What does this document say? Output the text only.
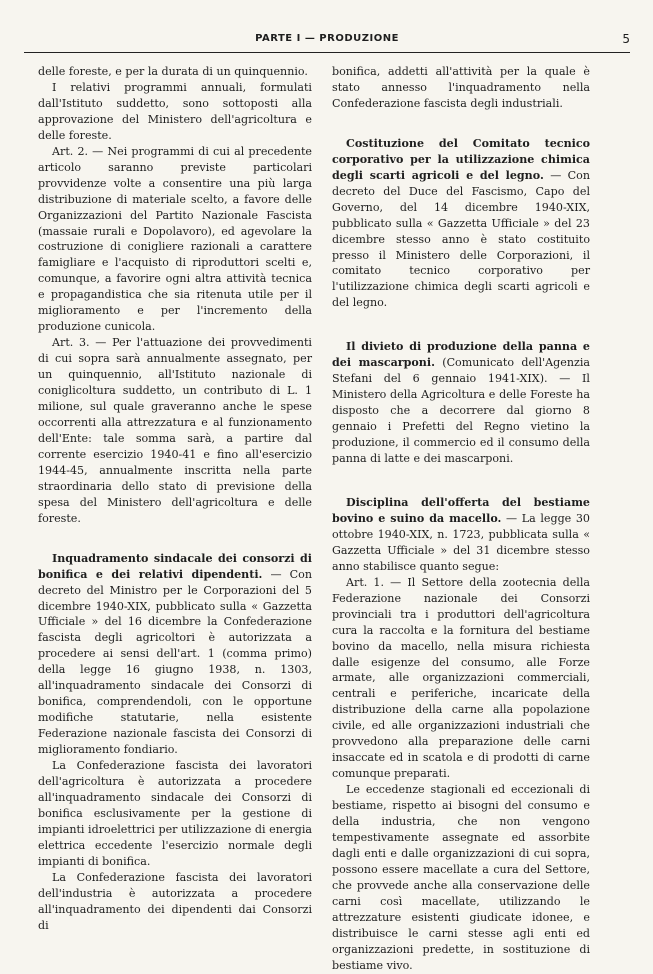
PARTE I — PRODUZIONE	5

delle foreste, e per la durata di un quinquennio.

I relativi programmi annuali, formulati dall'Istituto suddetto, sono sottoposti alla approvazione del Ministero dell'agricoltura e delle foreste.

Art. 2. — Nei programmi di cui al precedente articolo saranno previste particolari provvidenze volte a consentire una più larga distribuzione di materiale scelto, a favore delle Organizzazioni del Partito Nazionale Fascista (massaie rurali e Dopolavoro), ed agevolare la costruzione di conigliere razionali a carattere famigliare e l'acquisto di riproduttori scelti e, comunque, a favorire ogni altra attività tecnica e propagandistica che sia ritenuta utile per il miglioramento e per l'incremento della produzione cunicola.

Art. 3. — Per l'attuazione dei provvedimenti di cui sopra sarà annualmente assegnato, per un quinquennio, all'Istituto nazionale di coniglicoltura suddetto, un contributo di L. 1 milione, sul quale graveranno anche le spese occorrenti alla attrezzatura e al funzionamento dell'Ente: tale somma sarà, a partire dal corrente esercizio 1940-41 e fino all'esercizio 1944-45, annualmente inscritta nella parte straordinaria dello stato di previsione della spesa del Ministero dell'agricoltura e delle foreste.

Inquadramento sindacale dei consorzi di bonifica e dei relativi dipendenti. — Con decreto del Ministro per le Corporazioni del 5 dicembre 1940-XIX, pubblicato sulla « Gazzetta Ufficiale » del 16 dicembre la Confederazione fascista degli agricoltori è autorizzata a procedere ai sensi dell'art. 1 (comma primo) della legge 16 giugno 1938, n. 1303, all'inquadramento sindacale dei Consorzi di bonifica, comprendendoli, con le opportune modifiche statutarie, nella esistente Federazione nazionale fascista dei Consorzi di miglioramento fondiario.

La Confederazione fascista dei lavoratori dell'agricoltura è autorizzata a procedere all'inquadramento sindacale dei Consorzi di bonifica esclusivamente per la gestione di impianti idroelettrici per utilizzazione di energia elettrica eccedente l'esercizio normale degli impianti di bonifica.

La Confederazione fascista dei lavoratori dell'industria è autorizzata a procedere all'inquadramento dei dipendenti dai Consorzi di

bonifica, addetti all'attività per la quale è stato annesso l'inquadramento nella Confederazione fascista degli industriali.

Costituzione del Comitato tecnico corporativo per la utilizzazione chimica degli scarti agricoli e del legno. — Con decreto del Duce del Fascismo, Capo del Governo, del 14 dicembre 1940-XIX, pubblicato sulla « Gazzetta Ufficiale » del 23 dicembre stesso anno è stato costituito presso il Ministero delle Corporazioni, il comitato tecnico corporativo per l'utilizzazione chimica degli scarti agricoli e del legno.

Il divieto di produzione della panna e dei mascarponi. (Comunicato dell'Agenzia Stefani del 6 gennaio 1941-XIX). — Il Ministero della Agricoltura e delle Foreste ha disposto che a decorrere dal giorno 8 gennaio i Prefetti del Regno vietino la produzione, il commercio ed il consumo della panna di latte e dei mascarponi.

Disciplina dell'offerta del bestiame bovino e suino da macello. — La legge 30 ottobre 1940-XIX, n. 1723, pubblicata sulla « Gazzetta Ufficiale » del 31 dicembre stesso anno stabilisce quanto segue:

Art. 1. — Il Settore della zootecnia della Federazione nazionale dei Consorzi provinciali tra i produttori dell'agricoltura cura la raccolta e la fornitura del bestiame bovino da macello, nella misura richiesta dalle esigenze del consumo, alle Forze armate, alle organizzazioni commerciali, centrali e periferiche, incaricate della distribuzione della carne alla popolazione civile, ed alle organizzazioni industriali che provvedono alla preparazione delle carni insaccate ed in scatola e di prodotti di carne comunque preparati.

Le eccedenze stagionali ed eccezionali di bestiame, rispetto ai bisogni del consumo e della industria, che non vengono tempestivamente assegnate ed assorbite dagli enti e dalle organizzazioni di cui sopra, possono essere macellate a cura del Settore, che provvede anche alla conservazione delle carni così macellate, utilizzando le attrezzature esistenti giudicate idonee, e distribuisce le carni stesse agli enti ed organizzazioni predette, in sostituzione di bestiame vivo.
